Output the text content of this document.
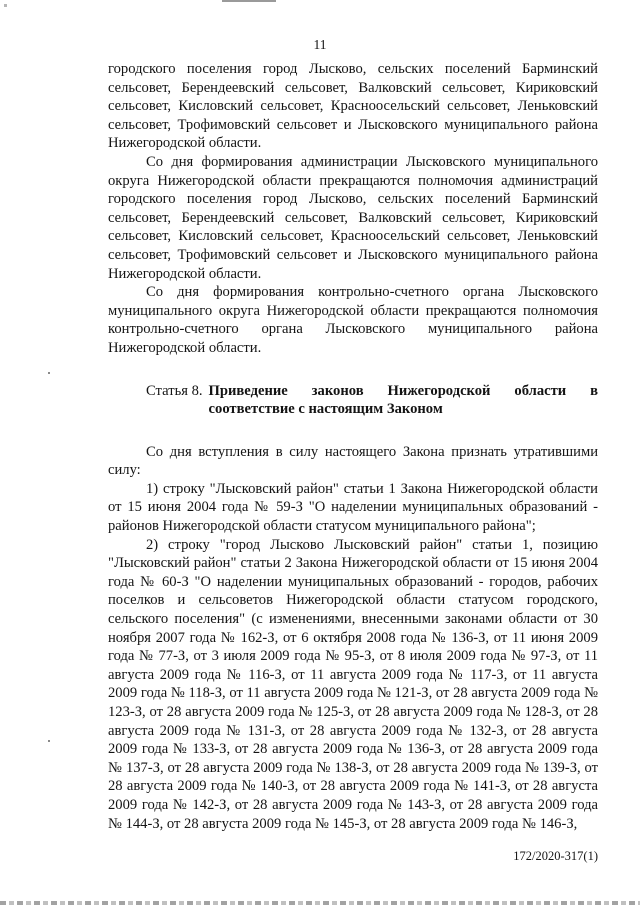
11

городского поселения город Лысково, сельских поселений Барминский сельсовет, Берендеевский сельсовет, Валковский сельсовет, Кириковский сельсовет, Кисловский сельсовет, Красноосельский сельсовет, Леньковский сельсовет, Трофимовский сельсовет и Лысковского муниципального района Нижегородской области.

Со дня формирования администрации Лысковского муниципального округа Нижегородской области прекращаются полномочия администраций городского поселения город Лысково, сельских поселений Барминский сельсовет, Берендеевский сельсовет, Валковский сельсовет, Кириковский сельсовет, Кисловский сельсовет, Красноосельский сельсовет, Леньковский сельсовет, Трофимовский сельсовет и Лысковского муниципального района Нижегородской области.

Со дня формирования контрольно-счетного органа Лысковского муниципального округа Нижегородской области прекращаются полномочия контрольно-счетного органа Лысковского муниципального района Нижегородской области.

Статья 8. Приведение законов Нижегородской области в
соответствие с настоящим Законом

Со дня вступления в силу настоящего Закона признать утратившими силу:

1) строку "Лысковский район" статьи 1 Закона Нижегородской области от 15 июня 2004 года № 59-З "О наделении муниципальных образований - районов Нижегородской области статусом муниципального района";

2) строку "город Лысково Лысковский район" статьи 1, позицию "Лысковский район" статьи 2 Закона Нижегородской области от 15 июня 2004 года № 60-З "О наделении муниципальных образований - городов, рабочих поселков и сельсоветов Нижегородской области статусом городского, сельского поселения" (с изменениями, внесенными законами области от 30 ноября 2007 года № 162-З, от 6 октября 2008 года № 136-З, от 11 июня 2009 года № 77-З, от 3 июля 2009 года № 95-З, от 8 июля 2009 года № 97-З, от 11 августа 2009 года № 116-З, от 11 августа 2009 года № 117-З, от 11 августа 2009 года № 118-З, от 11 августа 2009 года № 121-З, от 28 августа 2009 года № 123-З, от 28 августа 2009 года № 125-З, от 28 августа 2009 года № 128-З, от 28 августа 2009 года № 131-З, от 28 августа 2009 года № 132-З, от 28 августа 2009 года № 133-З, от 28 августа 2009 года № 136-З, от 28 августа 2009 года № 137-З, от 28 августа 2009 года № 138-З, от 28 августа 2009 года № 139-З, от 28 августа 2009 года № 140-З, от 28 августа 2009 года № 141-З, от 28 августа 2009 года № 142-З, от 28 августа 2009 года № 143-З, от 28 августа 2009 года № 144-З, от 28 августа 2009 года № 145-З, от 28 августа 2009 года № 146-З,

172/2020-317(1)
